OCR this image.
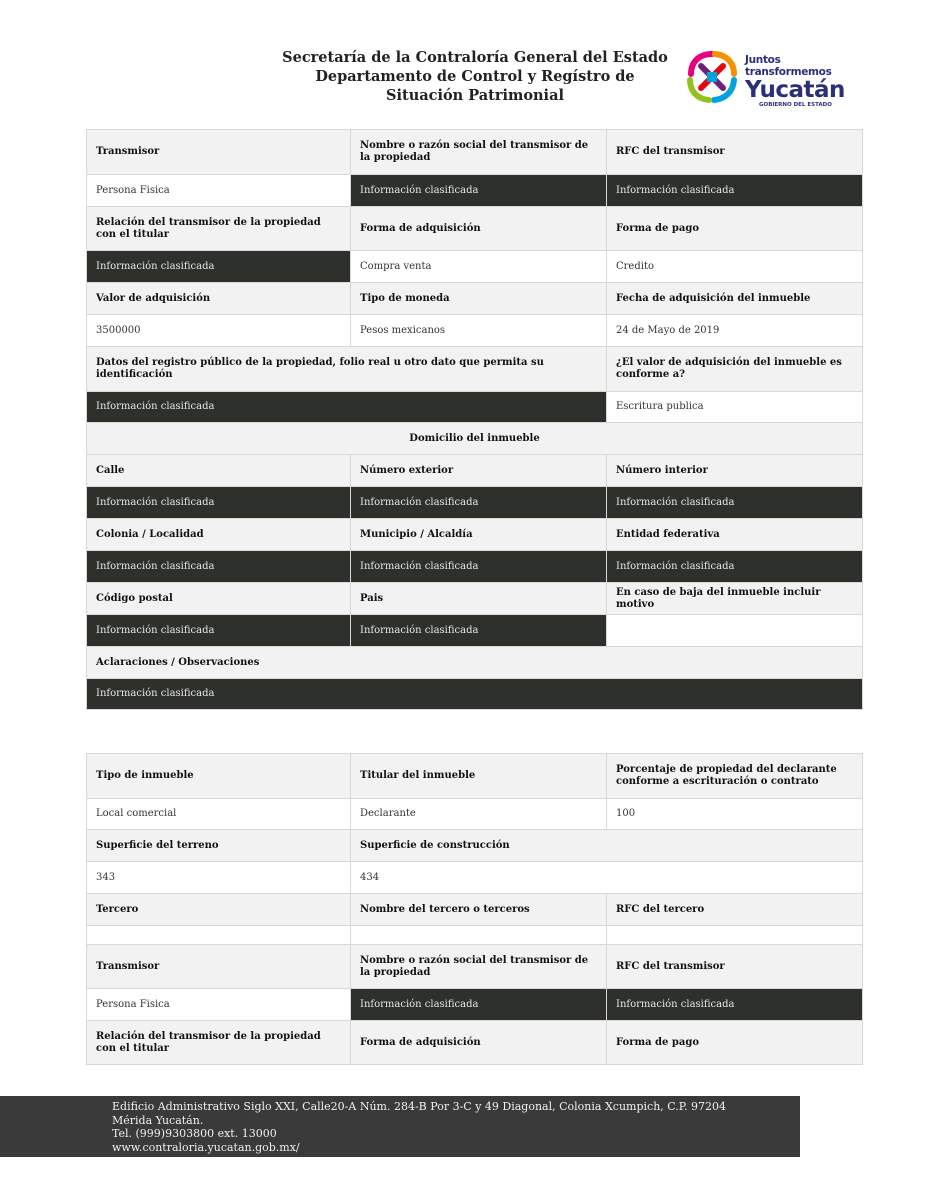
Secretaría de la Contraloría General del Estado
Departamento de Control y Regístro de
Situación Patrimonial
Juntos transformemos
Yucatán
GOBIERNO DEL ESTADO
Transmisor	Nombre o razón social del transmisor de la propiedad	RFC del transmisor
Persona Fisica	Información clasificada	Información clasificada
Relación del transmisor de la propiedad con el titular	Forma de adquisición	Forma de pago
Información clasificada	Compra venta	Credito
Valor de adquisición	Tipo de moneda	Fecha de adquisición del inmueble
3500000	Pesos mexicanos	24 de Mayo de 2019
Datos del registro público de la propiedad, folio real u otro dato que permita su identificación		¿El valor de adquisición del inmueble es conforme a?
Información clasificada		Escritura publica
Domicilio del inmueble		
Calle	Número exterior	Número interior
Información clasificada	Información clasificada	Información clasificada
Colonia / Localidad	Municipio / Alcaldía	Entidad federativa
Información clasificada	Información clasificada	Información clasificada
Código postal	Pais	En caso de baja del inmueble incluir motivo
Información clasificada	Información clasificada	
Aclaraciones / Observaciones		
Información clasificada		
Tipo de inmueble	Titular del inmueble	Porcentaje de propiedad del declarante conforme a escrituración o contrato
Local comercial	Declarante	100
Superficie del terreno	Superficie de construcción	
343	434	
Tercero	Nombre del tercero o terceros	RFC del tercero

Transmisor	Nombre o razón social del transmisor de la propiedad	RFC del transmisor
Persona Fisica	Información clasificada	Información clasificada
Relación del transmisor de la propiedad con el titular	Forma de adquisición	Forma de pago
Edificio Administrativo Siglo XXI, Calle20-A Núm. 284-B Por 3-C y 49 Diagonal, Colonia Xcumpich, C.P. 97204
Mérida Yucatán.
Tel. (999)9303800 ext. 13000
www.contraloria.yucatan.gob.mx/
